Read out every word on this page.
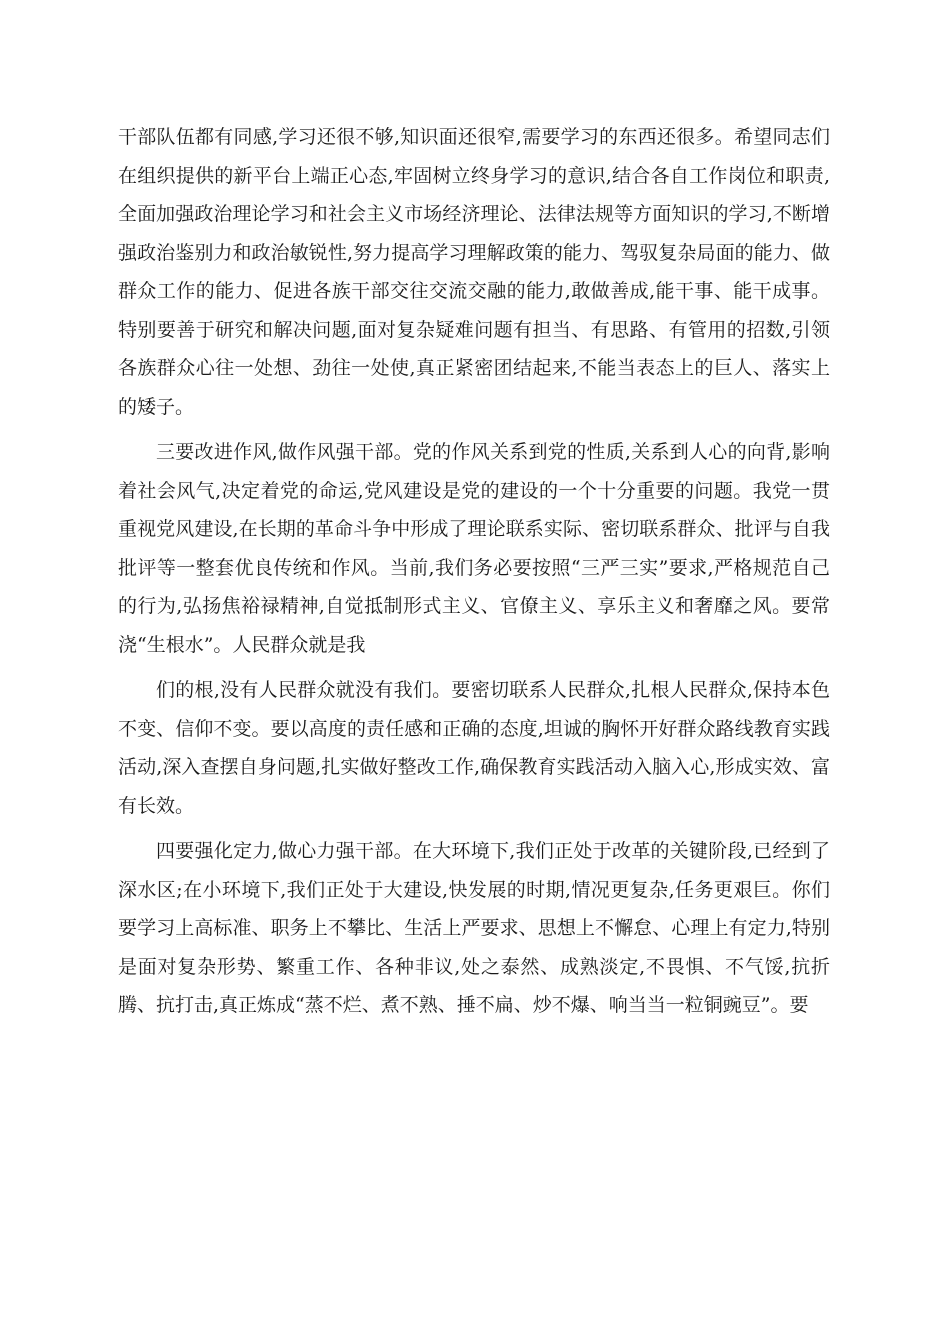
干部队伍都有同感,学习还很不够,知识面还很窄,需要学习的东西还很多。希望同志们在组织提供的新平台上端正心态,牢固树立终身学习的意识,结合各自工作岗位和职责,全面加强政治理论学习和社会主义市场经济理论、法律法规等方面知识的学习,不断增强政治鉴别力和政治敏锐性,努力提高学习理解政策的能力、驾驭复杂局面的能力、做群众工作的能力、促进各族干部交往交流交融的能力,敢做善成,能干事、能干成事。特别要善于研究和解决问题,面对复杂疑难问题有担当、有思路、有管用的招数,引领各族群众心往一处想、劲往一处使,真正紧密团结起来,不能当表态上的巨人、落实上的矮子。

三要改进作风,做作风强干部。党的作风关系到党的性质,关系到人心的向背,影响着社会风气,决定着党的命运,党风建设是党的建设的一个十分重要的问题。我党一贯重视党风建设,在长期的革命斗争中形成了理论联系实际、密切联系群众、批评与自我批评等一整套优良传统和作风。当前,我们务必要按照“三严三实”要求,严格规范自己的行为,弘扬焦裕禄精神,自觉抵制形式主义、官僚主义、享乐主义和奢靡之风。要常浇“生根水”。人民群众就是我

们的根,没有人民群众就没有我们。要密切联系人民群众,扎根人民群众,保持本色不变、信仰不变。要以高度的责任感和正确的态度,坦诚的胸怀开好群众路线教育实践活动,深入查摆自身问题,扎实做好整改工作,确保教育实践活动入脑入心,形成实效、富有长效。

四要强化定力,做心力强干部。在大环境下,我们正处于改革的关键阶段,已经到了深水区;在小环境下,我们正处于大建设,快发展的时期,情况更复杂,任务更艰巨。你们要学习上高标准、职务上不攀比、生活上严要求、思想上不懈怠、心理上有定力,特别是面对复杂形势、繁重工作、各种非议,处之泰然、成熟淡定,不畏惧、不气馁,抗折腾、抗打击,真正炼成“蒸不烂、煮不熟、捶不扁、炒不爆、响当当一粒铜豌豆”。要
